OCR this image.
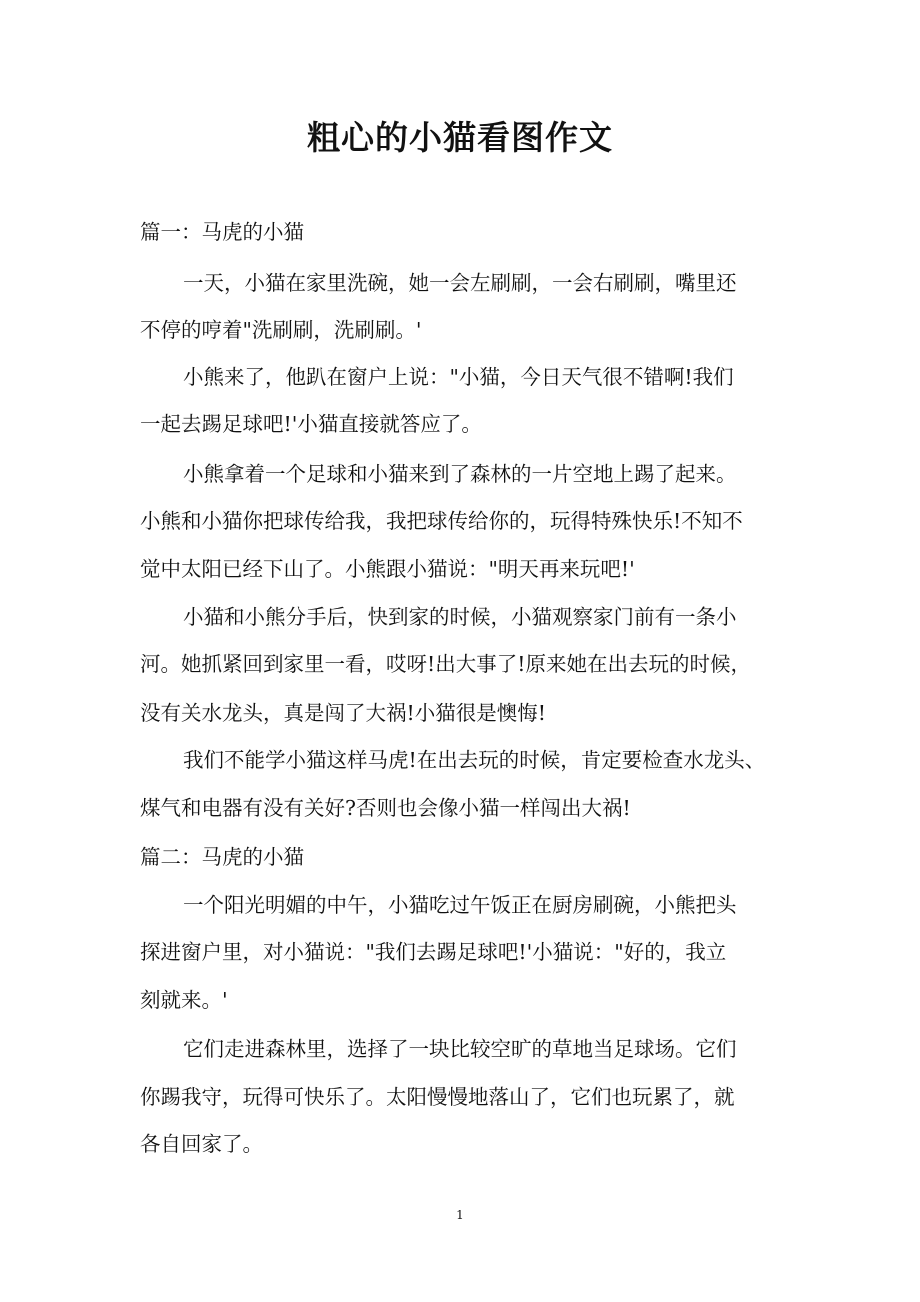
粗心的小猫看图作文
篇一：马虎的小猫
一天，小猫在家里洗碗，她一会左刷刷，一会右刷刷，嘴里还
不停的哼着"洗刷刷，洗刷刷。'
小熊来了，他趴在窗户上说："小猫，今日天气很不错啊!我们
一起去踢足球吧!'小猫直接就答应了。
小熊拿着一个足球和小猫来到了森林的一片空地上踢了起来。
小熊和小猫你把球传给我，我把球传给你的，玩得特殊快乐!不知不
觉中太阳已经下山了。小熊跟小猫说："明天再来玩吧!'
小猫和小熊分手后，快到家的时候，小猫观察家门前有一条小
河。她抓紧回到家里一看，哎呀!出大事了!原来她在出去玩的时候，
没有关水龙头，真是闯了大祸!小猫很是懊悔!
我们不能学小猫这样马虎!在出去玩的时候，肯定要检查水龙头、
煤气和电器有没有关好?否则也会像小猫一样闯出大祸!
篇二：马虎的小猫
一个阳光明媚的中午，小猫吃过午饭正在厨房刷碗，小熊把头
探进窗户里，对小猫说："我们去踢足球吧!'小猫说："好的，我立
刻就来。'
它们走进森林里，选择了一块比较空旷的草地当足球场。它们
你踢我守，玩得可快乐了。太阳慢慢地落山了，它们也玩累了，就
各自回家了。
1
